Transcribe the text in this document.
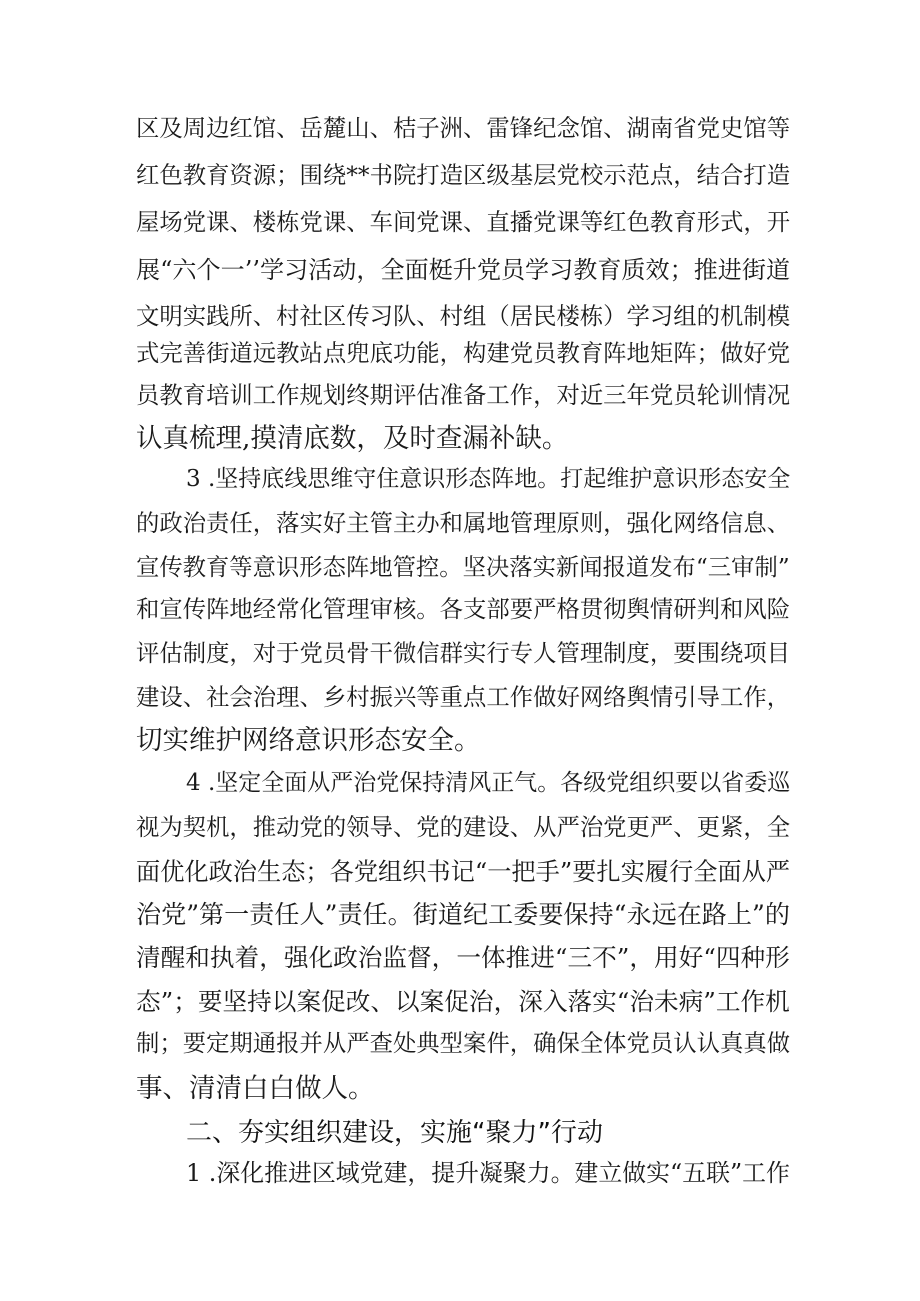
区及周边红馆、岳麓山、桔子洲、雷锋纪念馆、湖南省党史馆等
红色教育资源；围绕**书院打造区级基层党校示范点，结合打造
屋场党课、楼栋党课、车间党课、直播党课等红色教育形式，开
展“六个一’’学习活动，全面梃升党员学习教育质效；推进街道
文明实践所、村社区传习队、村组（居民楼栋）学习组的机制模
式完善街道远教站点兜底功能，构建党员教育阵地矩阵；做好党
员教育培训工作规划终期评估准备工作，对近三年党员轮训情况
认真梳理,摸清底数，及时查漏补缺。
3 .坚持底线思维守住意识形态阵地。打起维护意识形态安全
的政治责任，落实好主管主办和属地管理原则，强化网络信息、
宣传教育等意识形态阵地管控。坚决落实新闻报道发布“三审制”
和宣传阵地经常化管理审核。各支部要严格贯彻舆情研判和风险
评估制度，对于党员骨干微信群实行专人管理制度，要围绕项目
建设、社会治理、乡村振兴等重点工作做好网络舆情引导工作，
切实维护网络意识形态安全。
4 .坚定全面从严治党保持清风正气。各级党组织要以省委巡
视为契机，推动党的领导、党的建设、从严治党更严、更紧，全
面优化政治生态；各党组织书记“一把手”要扎实履行全面从严
治党”第一责任人”责任。街道纪工委要保持“永远在路上”的
清醒和执着，强化政治监督，一体推进“三不”，用好“四种形
态”；要坚持以案促改、以案促治，深入落实“治未病”工作机
制；要定期通报并从严查处典型案件，确保全体党员认认真真做
事、清清白白做人。
二、夯实组织建设，实施“聚力”行动
1 .深化推进区域党建，提升凝聚力。建立做实“五联”工作
